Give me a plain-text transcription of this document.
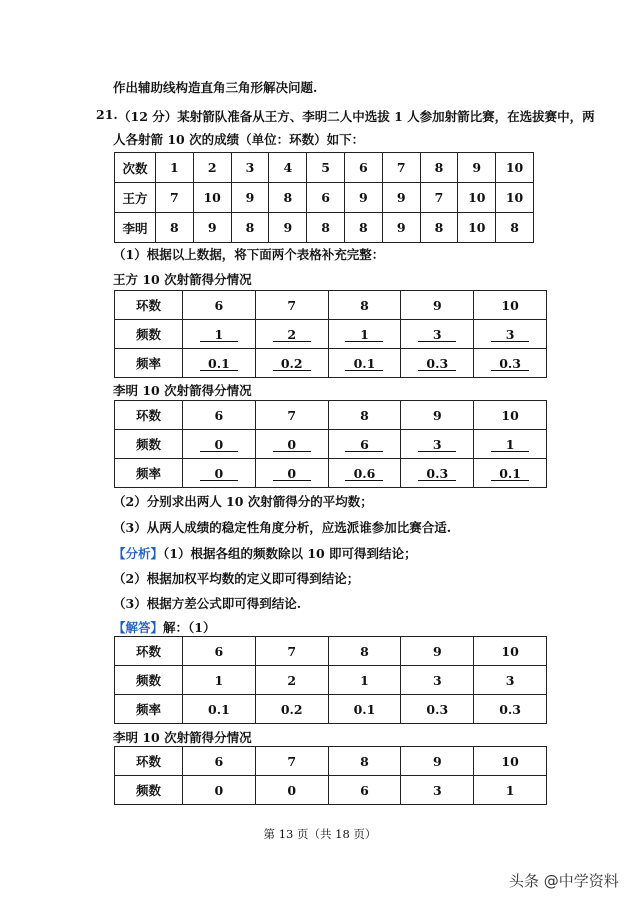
作出辅助线构造直角三角形解决问题.
21. （12 分）某射箭队准备从王方、李明二人中选拔 1 人参加射箭比赛，在选拔赛中，两
人各射箭 10 次的成绩（单位：环数）如下：
次数	1	2	3	4	5	6	7	8	9	10
王方	7	10	9	8	6	9	9	7	10	10
李明	8	9	8	9	8	8	9	8	10	8
（1）根据以上数据，将下面两个表格补充完整：
王方 10 次射箭得分情况
环数	6	7	8	9	10
频数	1	2	1	3	3
频率	0.1	0.2	0.1	0.3	0.3
李明 10 次射箭得分情况
环数	6	7	8	9	10
频数	0	0	6	3	1
频率	0	0	0.6	0.3	0.1
（2）分别求出两人 10 次射箭得分的平均数；
（3）从两人成绩的稳定性角度分析，应选派谁参加比赛合适.
【分析】（1）根据各组的频数除以 10 即可得到结论；
（2）根据加权平均数的定义即可得到结论；
（3）根据方差公式即可得到结论.
【解答】解：（1）
环数	6	7	8	9	10
频数	1	2	1	3	3
频率	0.1	0.2	0.1	0.3	0.3
李明 10 次射箭得分情况
环数	6	7	8	9	10
频数	0	0	6	3	1
第 13 页（共 18 页）
头条 @中学资料
